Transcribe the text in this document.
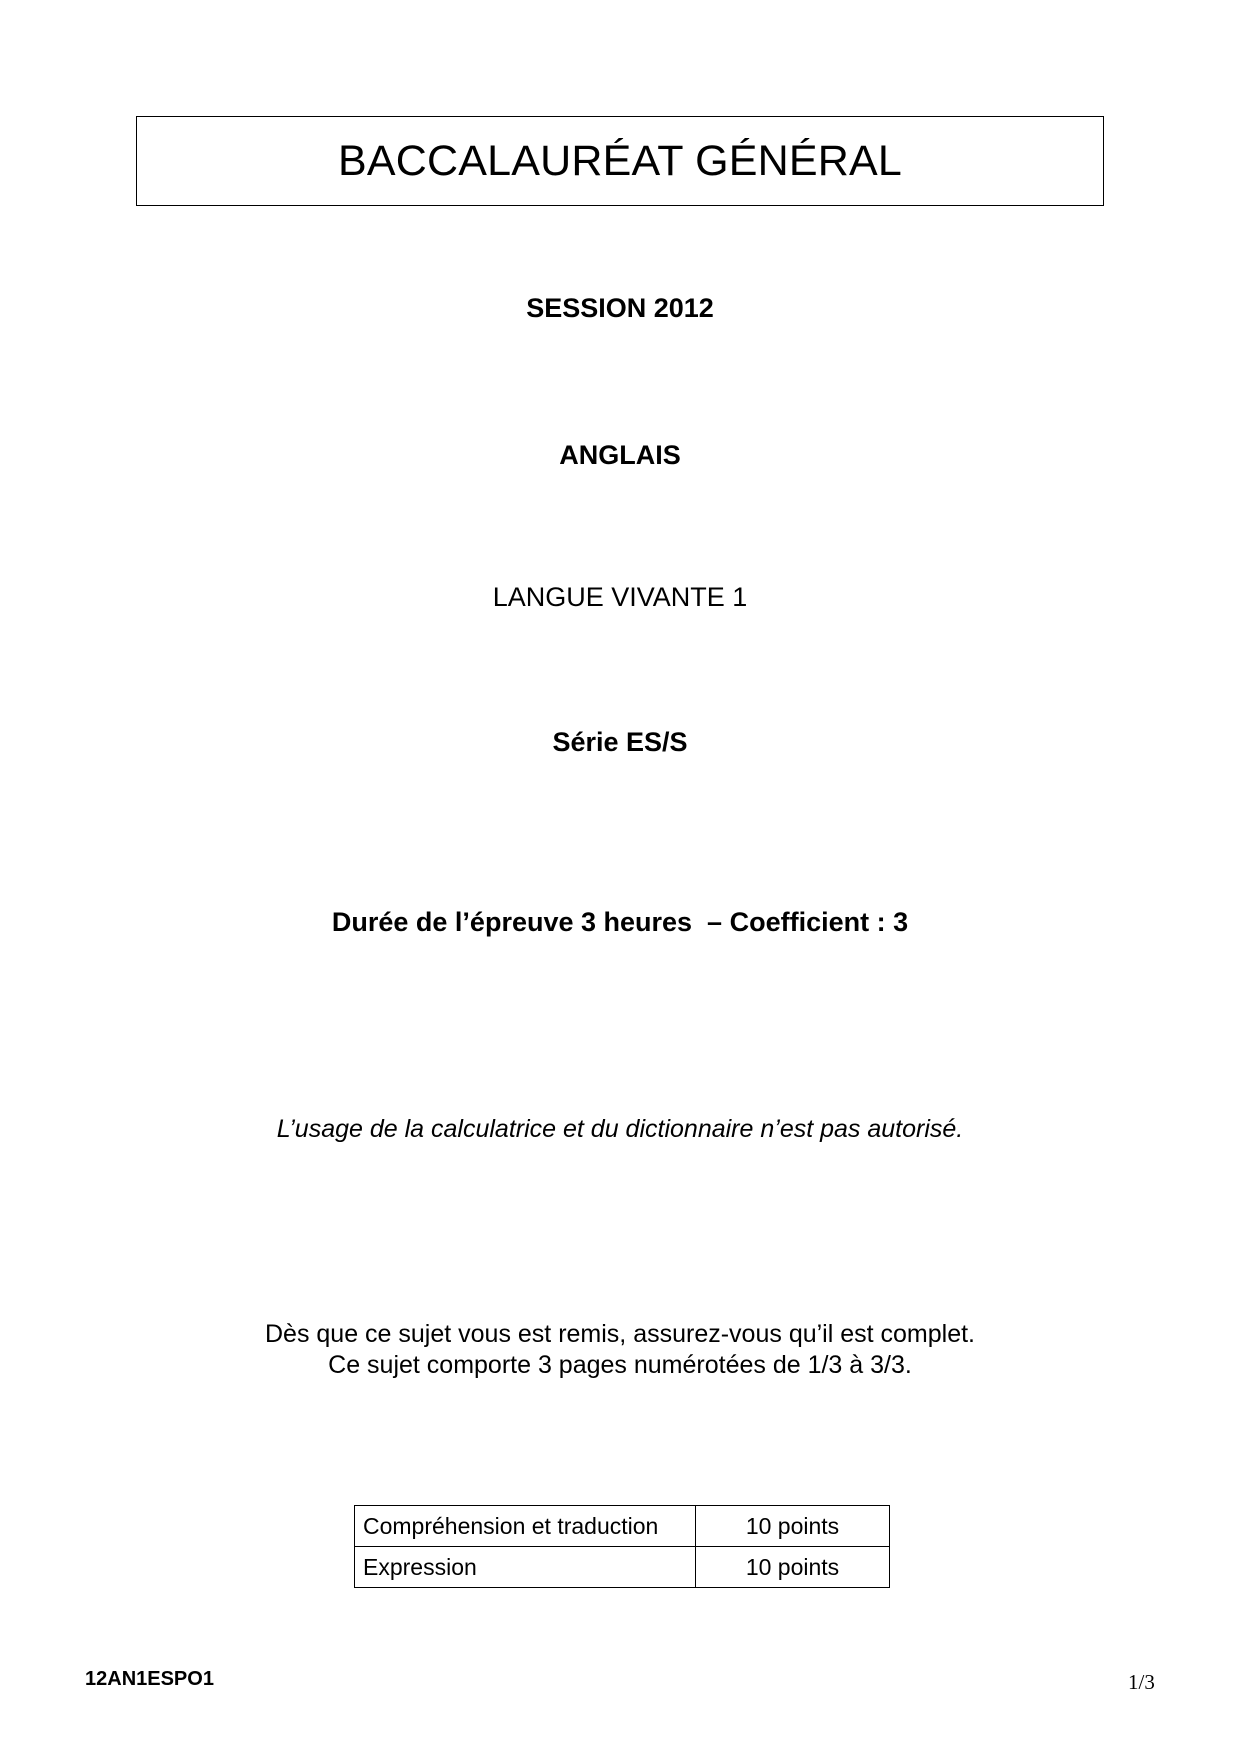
BACCALAURÉAT GÉNÉRAL
SESSION 2012
ANGLAIS
LANGUE VIVANTE 1
Série ES/S
Durée de l’épreuve 3 heures  – Coefficient : 3
L’usage de la calculatrice et du dictionnaire n’est pas autorisé.
Dès que ce sujet vous est remis, assurez-vous qu’il est complet.
Ce sujet comporte 3 pages numérotées de 1/3 à 3/3.
Compréhension et traduction	10 points
Expression	10 points
12AN1ESPO1	1/3
